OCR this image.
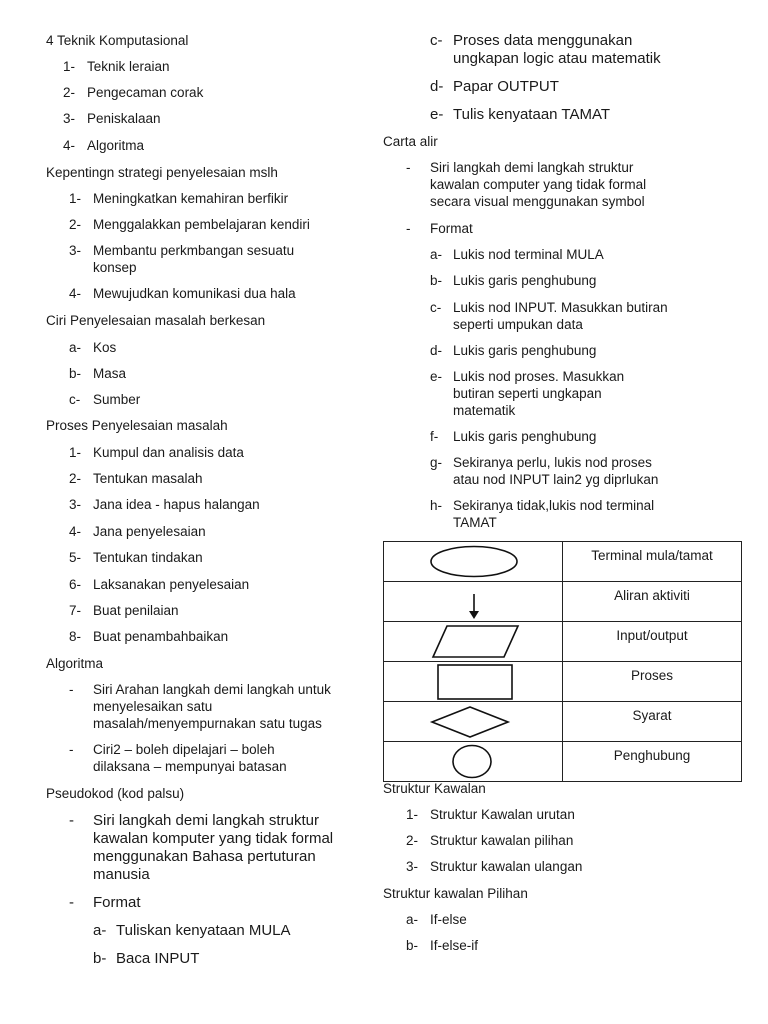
4 Teknik Komputasional
1- Teknik leraian
2- Pengecaman corak
3- Peniskalaan
4- Algoritma
Kepentingn strategi penyelesaian mslh
1- Meningkatkan kemahiran berfikir
2- Menggalakkan pembelajaran kendiri
3- Membantu perkmbangan sesuatu
konsep
4- Mewujudkan komunikasi dua hala
Ciri Penyelesaian masalah berkesan
a- Kos
b- Masa
c- Sumber
Proses Penyelesaian masalah
1- Kumpul dan analisis data
2- Tentukan masalah
3- Jana idea - hapus halangan
4- Jana penyelesaian
5- Tentukan tindakan
6- Laksanakan penyelesaian
7- Buat penilaian
8- Buat penambahbaikan
Algoritma
- Siri Arahan langkah demi langkah untuk
menyelesaikan satu
masalah/menyempurnakan satu tugas
- Ciri2 – boleh dipelajari – boleh
dilaksana – mempunyai batasan
Pseudokod (kod palsu)
- Siri langkah demi langkah struktur
kawalan komputer yang tidak formal
menggunakan Bahasa pertuturan
manusia
- Format
a- Tuliskan kenyataan MULA
b- Baca INPUT
c- Proses data menggunakan
ungkapan logic atau matematik
d- Papar OUTPUT
e- Tulis kenyataan TAMAT
Carta alir
- Siri langkah demi langkah struktur
kawalan computer yang tidak formal
secara visual menggunakan symbol
- Format
a- Lukis nod terminal MULA
b- Lukis garis penghubung
c- Lukis nod INPUT. Masukkan butiran
seperti umpukan data
d- Lukis garis penghubung
e- Lukis nod proses. Masukkan
butiran seperti ungkapan
matematik
f- Lukis garis penghubung
g- Sekiranya perlu, lukis nod proses
atau nod INPUT lain2 yg diprlukan
h- Sekiranya tidak,lukis nod terminal
TAMAT
	Terminal mula/tamat

	Aliran aktiviti

	Input/output

	Proses

	Syarat

	Penghubung
Struktur Kawalan
1- Struktur Kawalan urutan
2- Struktur kawalan pilihan
3- Struktur kawalan ulangan
Struktur kawalan Pilihan
a- If-else
b- If-else-if
